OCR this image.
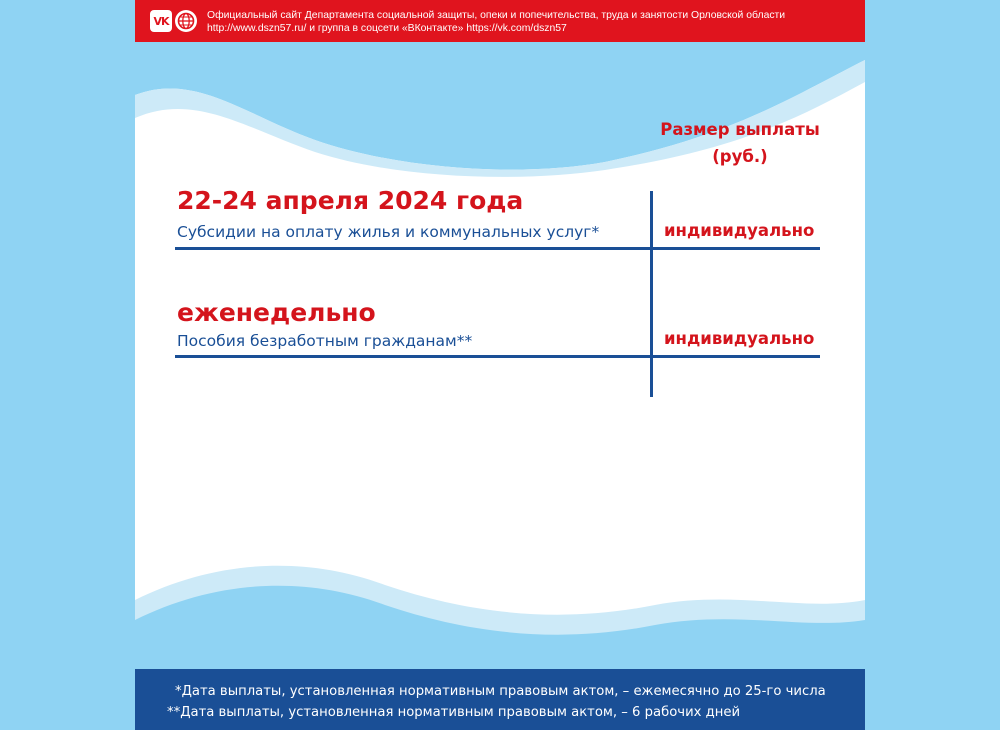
VK	Официальный сайт Департамента социальной защиты, опеки и попечительства, труда и занятости Орловской области
http://www.dszn57.ru/ и группа в соцсети «ВКонтакте» https://vk.com/dszn57
Размер выплаты
(руб.)
22-24 апреля 2024 года
Субсидии на оплату жилья и коммунальных услуг*	индивидуально
еженедельно
Пособия безработным гражданам**	индивидуально
*Дата выплаты, установленная нормативным правовым актом, – ежемесячно до 25-го числа
**Дата выплаты, установленная нормативным правовым актом, – 6 рабочих дней
